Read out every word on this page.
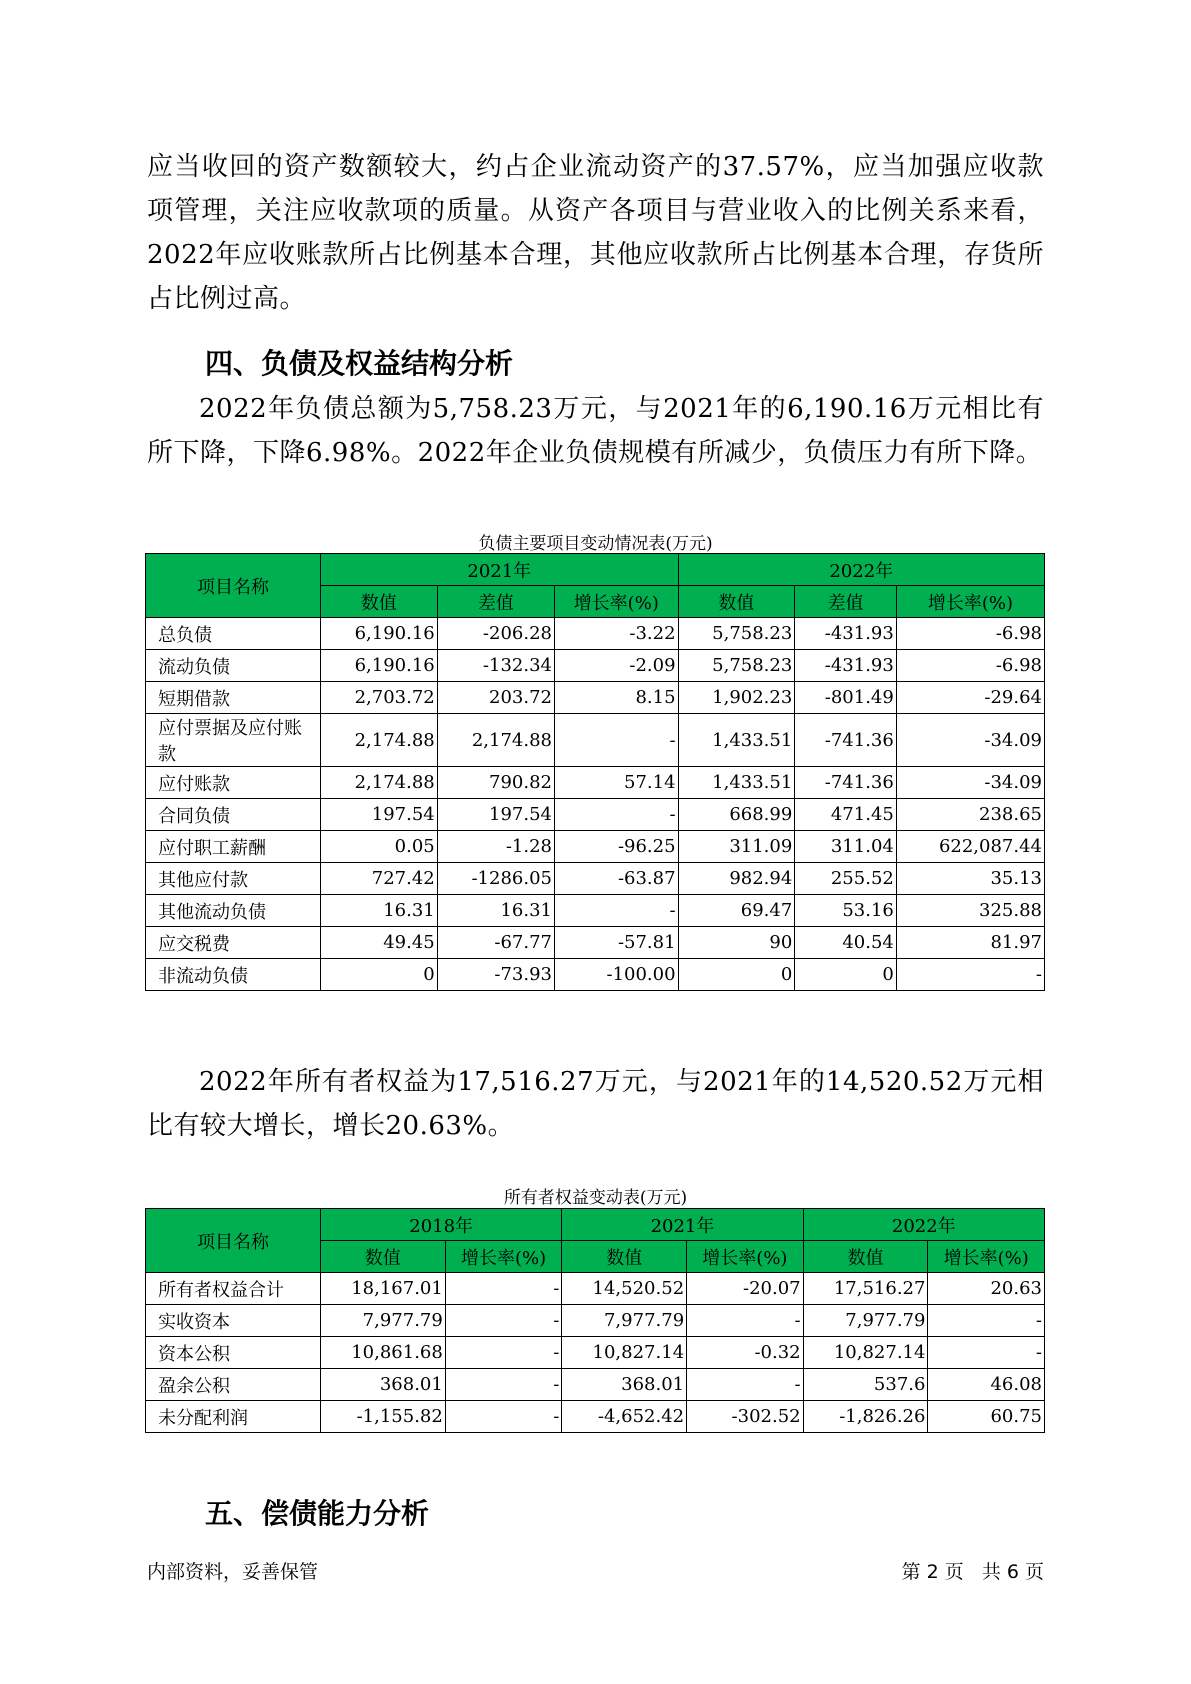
应当收回的资产数额较大，约占企业流动资产的37.57%，应当加强应收款项管理，关注应收款项的质量。从资产各项目与营业收入的比例关系来看，2022年应收账款所占比例基本合理，其他应收款所占比例基本合理，存货所占比例过高。
四、负债及权益结构分析
2022年负债总额为5,758.23万元，与2021年的6,190.16万元相比有所下降，下降6.98%。2022年企业负债规模有所减少，负债压力有所下降。
负债主要项目变动情况表(万元)
项目名称	2021年			2022年		
	数值	差值	增长率(%)	数值	差值	增长率(%)
总负债	6,190.16	-206.28	-3.22	5,758.23	-431.93	-6.98
流动负债	6,190.16	-132.34	-2.09	5,758.23	-431.93	-6.98
短期借款	2,703.72	203.72	8.15	1,902.23	-801.49	-29.64
应付票据及应付账款	2,174.88	2,174.88	-	1,433.51	-741.36	-34.09
应付账款	2,174.88	790.82	57.14	1,433.51	-741.36	-34.09
合同负债	197.54	197.54	-	668.99	471.45	238.65
应付职工薪酬	0.05	-1.28	-96.25	311.09	311.04	622,087.44
其他应付款	727.42	-1286.05	-63.87	982.94	255.52	35.13
其他流动负债	16.31	16.31	-	69.47	53.16	325.88
应交税费	49.45	-67.77	-57.81	90	40.54	81.97
非流动负债	0	-73.93	-100.00	0	0	-
2022年所有者权益为17,516.27万元，与2021年的14,520.52万元相比有较大增长，增长20.63%。
所有者权益变动表(万元)
项目名称	2018年		2021年		2022年	
	数值	增长率(%)	数值	增长率(%)	数值	增长率(%)
所有者权益合计	18,167.01	-	14,520.52	-20.07	17,516.27	20.63
实收资本	7,977.79	-	7,977.79	-	7,977.79	-
资本公积	10,861.68	-	10,827.14	-0.32	10,827.14	-
盈余公积	368.01	-	368.01	-	537.6	46.08
未分配利润	-1,155.82	-	-4,652.42	-302.52	-1,826.26	60.75
五、偿债能力分析
内部资料，妥善保管	第 2 页   共 6 页
